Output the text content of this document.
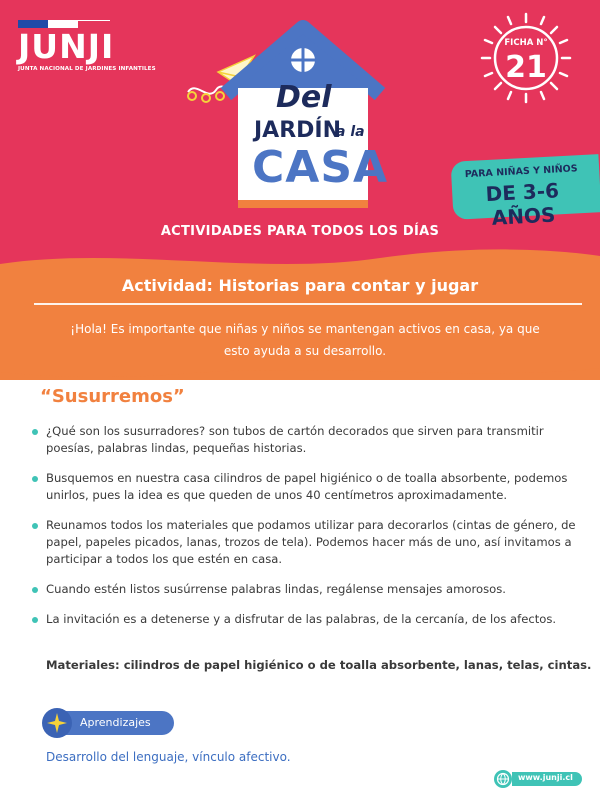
JUNJI
JUNTA NACIONAL DE JARDINES INFANTILES
Del
JARDÍN
a la
CASA
FICHA N°
21
PARA NIÑAS Y NIÑOS
DE 3-6 AÑOS
ACTIVIDADES PARA TODOS LOS DÍAS
Actividad: Historias para contar y jugar
¡Hola! Es importante que niñas y niños se mantengan activos en casa, ya que esto ayuda a su desarrollo.
“Susurremos”
¿Qué son los susurradores? son tubos de cartón decorados que sirven para transmitir poesías, palabras lindas, pequeñas historias.
Busquemos en nuestra casa cilindros de papel higiénico o de toalla absorbente, podemos unirlos, pues la idea es que queden de unos 40 centímetros aproximadamente.
Reunamos todos los materiales que podamos utilizar para decorarlos (cintas de género, de papel, papeles picados, lanas, trozos de tela). Podemos hacer más de uno, así invitamos a participar a todos los que estén en casa.
Cuando estén listos susúrrense palabras lindas, regálense mensajes amorosos.
La invitación es a detenerse y a disfrutar de las palabras, de la cercanía, de los afectos.
Materiales: cilindros de papel higiénico o de toalla absorbente, lanas, telas, cintas.
Aprendizajes
Desarrollo del lenguaje, vínculo afectivo.
www.junji.cl
